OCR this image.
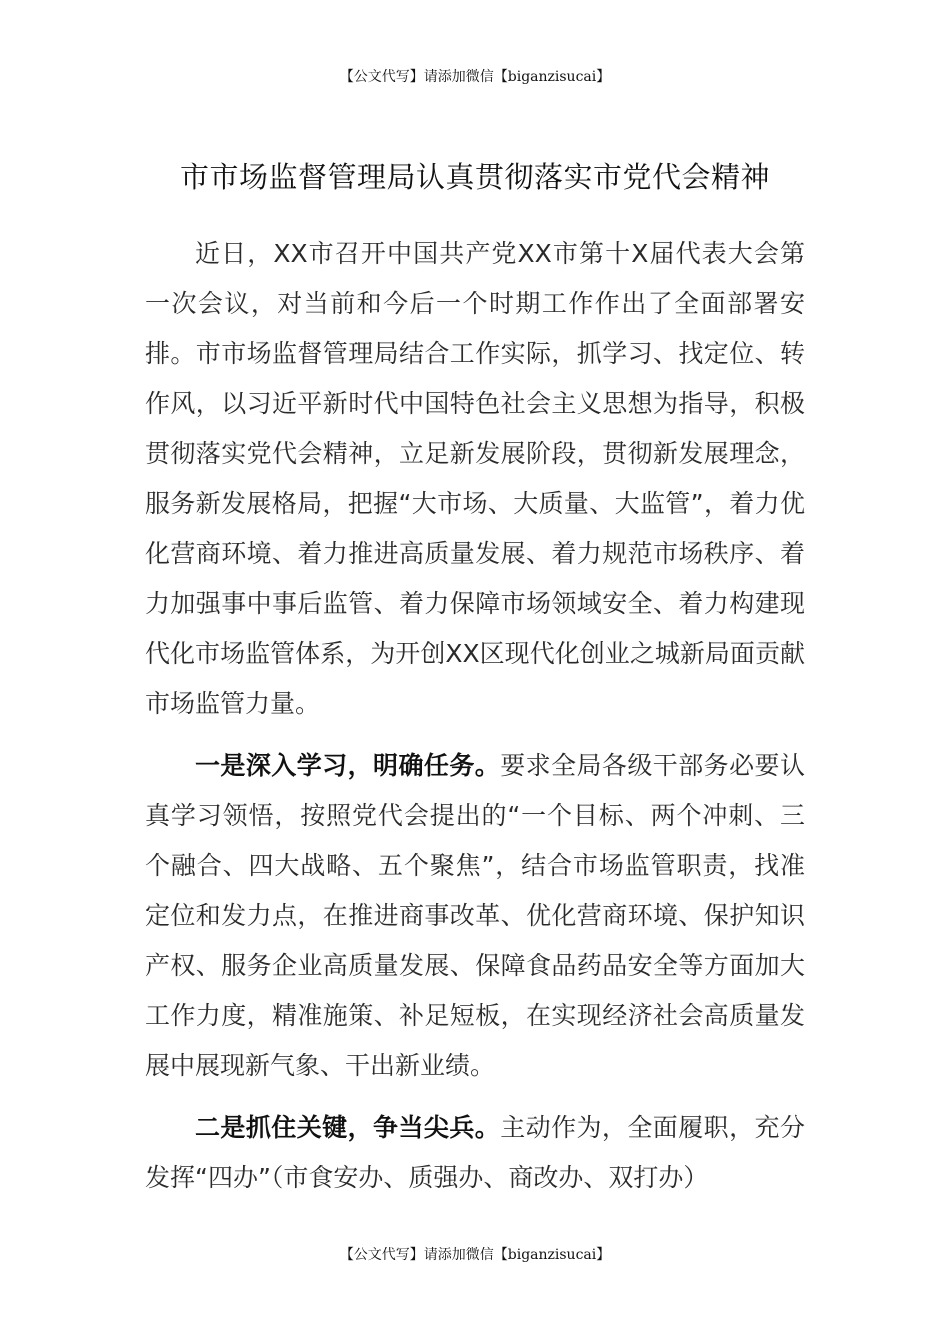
【公文代写】请添加微信【biganzisucai】
市市场监督管理局认真贯彻落实市党代会精神

近日，XX市召开中国共产党XX市第十X届代表大会第一次会议，对当前和今后一个时期工作作出了全面部署安排。市市场监督管理局结合工作实际，抓学习、找定位、转作风，以习近平新时代中国特色社会主义思想为指导，积极贯彻落实党代会精神，立足新发展阶段，贯彻新发展理念，服务新发展格局，把握“大市场、大质量、大监管”，着力优化营商环境、着力推进高质量发展、着力规范市场秩序、着力加强事中事后监管、着力保障市场领域安全、着力构建现代化市场监管体系，为开创XX区现代化创业之城新局面贡献市场监管力量。

一是深入学习，明确任务。要求全局各级干部务必要认真学习领悟，按照党代会提出的“一个目标、两个冲刺、三个融合、四大战略、五个聚焦”，结合市场监管职责，找准定位和发力点，在推进商事改革、优化营商环境、保护知识产权、服务企业高质量发展、保障食品药品安全等方面加大工作力度，精准施策、补足短板，在实现经济社会高质量发展中展现新气象、干出新业绩。

二是抓住关键，争当尖兵。主动作为，全面履职，充分发挥“四办”（市食安办、质强办、商改办、双打办）

【公文代写】请添加微信【biganzisucai】
